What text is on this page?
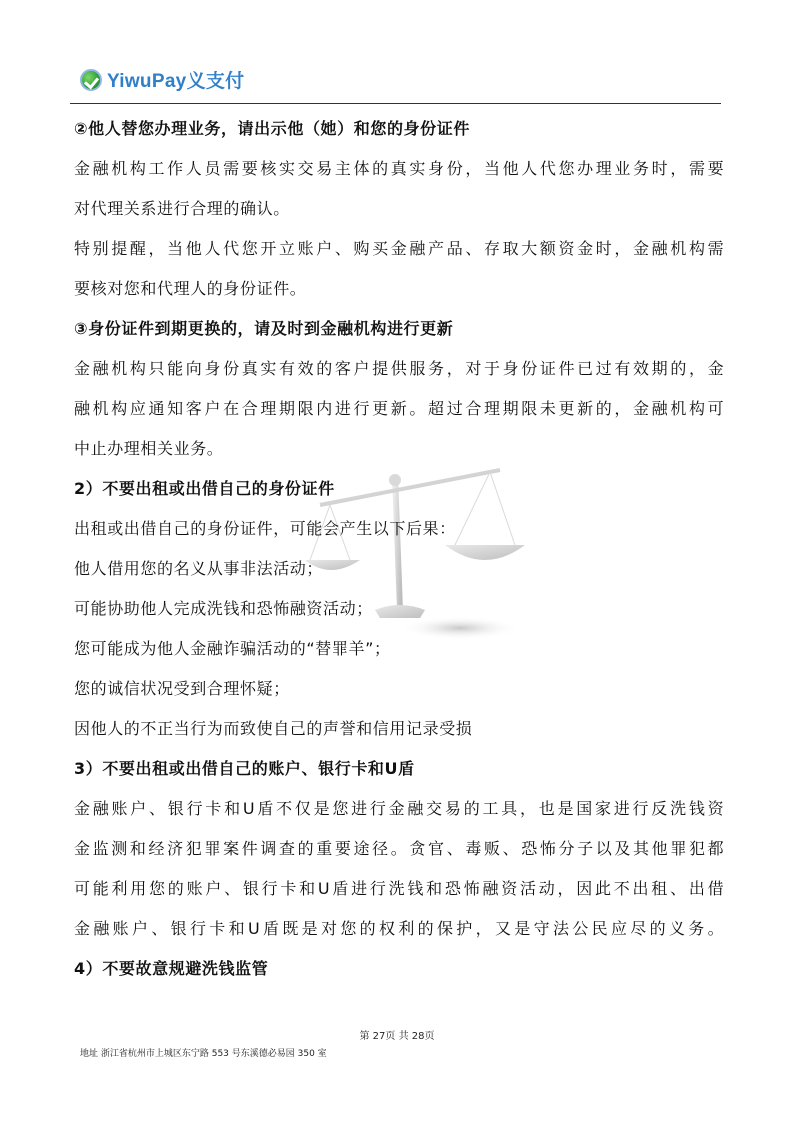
YiwuPay义支付
②他人替您办理业务，请出示他（她）和您的身份证件
金融机构工作人员需要核实交易主体的真实身份，当他人代您办理业务时，需要
对代理关系进行合理的确认。
特别提醒，当他人代您开立账户、购买金融产品、存取大额资金时，金融机构需
要核对您和代理人的身份证件。
③身份证件到期更换的，请及时到金融机构进行更新
金融机构只能向身份真实有效的客户提供服务，对于身份证件已过有效期的，金
融机构应通知客户在合理期限内进行更新。超过合理期限未更新的，金融机构可
中止办理相关业务。
2）不要出租或出借自己的身份证件
出租或出借自己的身份证件，可能会产生以下后果：
他人借用您的名义从事非法活动；
可能协助他人完成洗钱和恐怖融资活动；
您可能成为他人金融诈骗活动的“替罪羊”；
您的诚信状况受到合理怀疑；
因他人的不正当行为而致使自己的声誉和信用记录受损
3）不要出租或出借自己的账户、银行卡和U盾
金融账户、银行卡和U盾不仅是您进行金融交易的工具，也是国家进行反洗钱资
金监测和经济犯罪案件调查的重要途径。贪官、毒贩、恐怖分子以及其他罪犯都
可能利用您的账户、银行卡和U盾进行洗钱和恐怖融资活动，因此不出租、出借
金融账户、银行卡和U盾既是对您的权利的保护，又是守法公民应尽的义务。
4）不要故意规避洗钱监管
第 27页 共 28页
地址 浙江省杭州市上城区东宁路 553 号东溪德必易园 350 室
